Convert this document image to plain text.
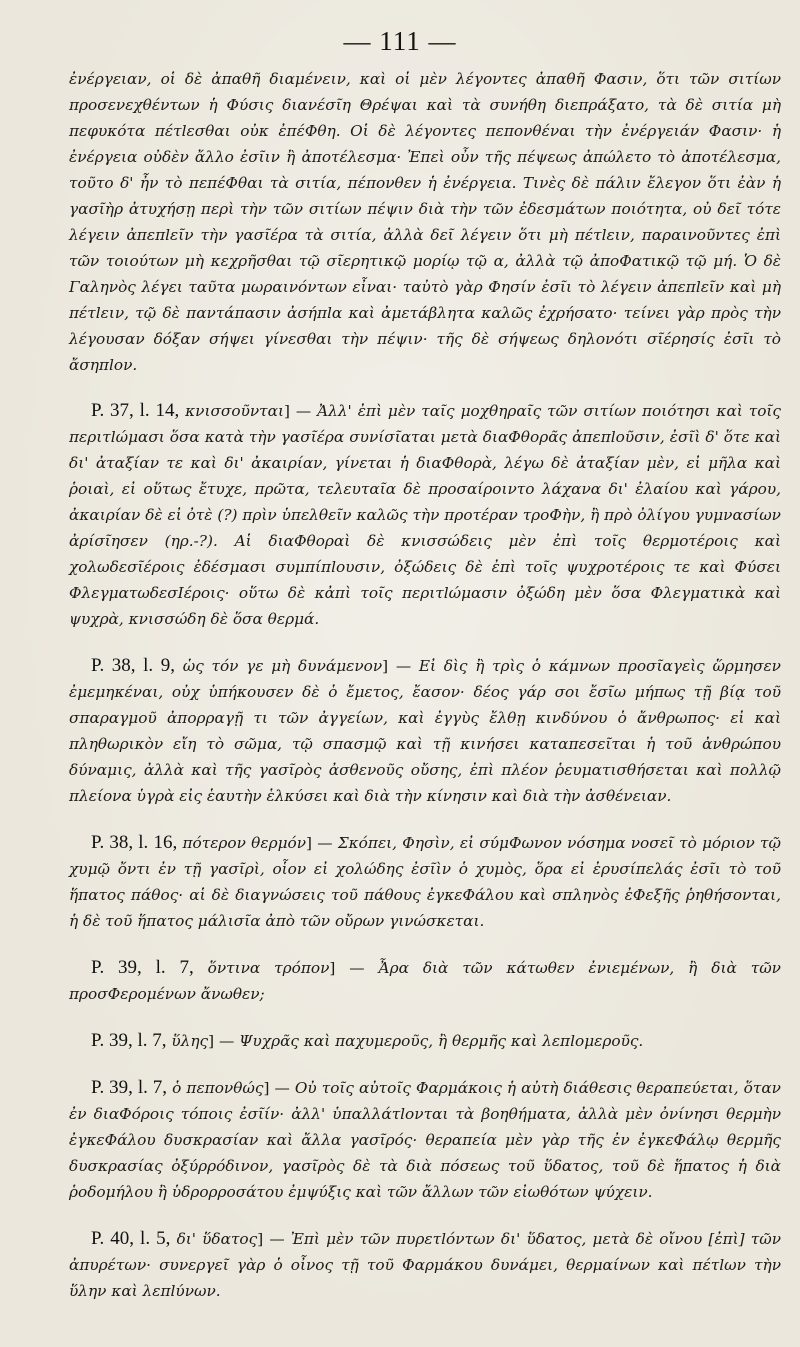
— 111 —

ἐνέργειαν, οἱ δὲ ἀπαθῆ διαμένειν, καὶ οἱ μὲν λέγοντες ἀπαθῆ Φασιν, ὅτι τῶν σιτίων προσενεχθέντων ἡ Φύσις διανέσῖη Θρέψαι καὶ τὰ συνήθη διεπράξατο, τὰ δὲ σιτία μὴ πεφυκότα πέτlεσθαι οὐκ ἐπέΦθη. Οἱ δὲ λέγοντες πεπονθέναι τὴν ἐνέργειάν Φασιν· ἡ ἐνέργεια οὐδὲν ἄλλο ἐσῖιν ἢ ἀποτέλεσμα· Ἐπεὶ οὖν τῆς πέψεως ἀπώλετο τὸ ἀποτέλεσμα, τοῦτο δ' ἦν τὸ πεπέΦθαι τὰ σιτία, πέπονθεν ἡ ἐνέργεια. Τινὲς δὲ πάλιν ἔλεγον ὅτι ἐὰν ἡ γασῖὴρ ἀτυχήσῃ περὶ τὴν τῶν σιτίων πέψιν διὰ τὴν τῶν ἐδεσμάτων ποιότητα, οὐ δεῖ τότε λέγειν ἀπεπlεῖν τὴν γασῖέρα τὰ σιτία, ἀλλὰ δεῖ λέγειν ὅτι μὴ πέτlειν, παραινοῦντες ἐπὶ τῶν τοιούτων μὴ κεχρῆσθαι τῷ σῖερητικῷ μορίῳ τῷ α, ἀλλὰ τῷ ἀποΦατικῷ τῷ μή. Ὁ δὲ Γαληνὸς λέγει ταῦτα μωραινόντων εἶναι· ταὐτὸ γὰρ Φησίν ἐσῖι τὸ λέγειν ἀπεπlεῖν καὶ μὴ πέτlειν, τῷ δὲ παντάπασιν ἀσήπlα καὶ ἀμετάβλητα καλῶς ἐχρήσατο· τείνει γὰρ πρὸς τὴν λέγουσαν δόξαν σήψει γίνεσθαι τὴν πέψιν· τῆς δὲ σήψεως δηλονότι σῖέρησίς ἐσῖι τὸ ἄσηπlον.

P. 37, l. 14, κνισσοῦνται] — Ἀλλ' ἐπὶ μὲν ταῖς μοχθηραῖς τῶν σιτίων ποιότησι καὶ τοῖς περιτlώμασι ὅσα κατὰ τὴν γασῖέρα συνίσῖαται μετὰ διαΦθορᾶς ἀπεπlοῦσιν, ἐσῖὶ δ' ὅτε καὶ δι' ἀταξίαν τε καὶ δι' ἀκαιρίαν, γίνεται ἡ διαΦθορὰ, λέγω δὲ ἀταξίαν μὲν, εἰ μῆλα καὶ ῥοιαὶ, εἰ οὕτως ἔτυχε, πρῶτα, τελευταῖα δὲ προσαίροιντο λάχανα δι' ἐλαίου καὶ γάρου, ἀκαιρίαν δὲ εἰ ὀτὲ (?) πρὶν ὑπελθεῖν καλῶς τὴν προτέραν τροΦὴν, ἢ πρὸ ὀλίγου γυμνασίων ἀρίσῖησεν (ηρ.-?). Αἱ διαΦθοραὶ δὲ κνισσώδεις μὲν ἐπὶ τοῖς θερμοτέροις καὶ χολωδεσῖέροις ἐδέσμασι συμπίπlουσιν, ὀξώδεις δὲ ἐπὶ τοῖς ψυχροτέροις τε καὶ Φύσει ΦλεγματωδεσIέροις· οὕτω δὲ κἀπὶ τοῖς περιτlώμασιν ὀξώδη μὲν ὅσα Φλεγματικὰ καὶ ψυχρὰ, κνισσώδη δὲ ὅσα θερμά.

P. 38, l. 9, ὡς τόν γε μὴ δυνάμενον] — Εἰ δὶς ἢ τρὶς ὁ κάμνων προσῖαγεὶς ὥρμησεν ἐμεμηκέναι, οὐχ ὑπήκουσεν δὲ ὁ ἔμετος, ἔασον· δέος γάρ σοι ἔσῖω μήπως τῇ βίᾳ τοῦ σπαραγμοῦ ἀπορραγῇ τι τῶν ἀγγείων, καὶ ἐγγὺς ἔλθῃ κινδύνου ὁ ἄνθρωπος· εἰ καὶ πληθωρικὸν εἴη τὸ σῶμα, τῷ σπασμῷ καὶ τῇ κινήσει καταπεσεῖται ἡ τοῦ ἀνθρώπου δύναμις, ἀλλὰ καὶ τῆς γασῖρὸς ἀσθενοῦς οὔσης, ἐπὶ πλέον ῥευματισθήσεται καὶ πολλῷ πλείονα ὑγρὰ εἰς ἑαυτὴν ἑλκύσει καὶ διὰ τὴν κίνησιν καὶ διὰ τὴν ἀσθένειαν.

P. 38, l. 16, πότερον θερμόν] — Σκόπει, Φησὶν, εἰ σύμΦωνον νόσημα νοσεῖ τὸ μόριον τῷ χυμῷ ὄντι ἐν τῇ γασῖρὶ, οἷον εἰ χολώδης ἐσῖὶν ὁ χυμὸς, ὅρα εἰ ἐρυσίπελάς ἐσῖι τὸ τοῦ ἥπατος πάθος· αἱ δὲ διαγνώσεις τοῦ πάθους ἐγκεΦάλου καὶ σπληνὸς ἐΦεξῆς ῥηθήσονται, ἡ δὲ τοῦ ἥπατος μάλισῖα ἀπὸ τῶν οὔρων γινώσκεται.

P. 39, l. 7, ὅντινα τρόπον] — Ἆρα διὰ τῶν κάτωθεν ἐνιεμένων, ἢ διὰ τῶν προσΦερομένων ἄνωθεν;

P. 39, l. 7, ὕλης] — Ψυχρᾶς καὶ παχυμεροῦς, ἢ θερμῆς καὶ λεπlομεροῦς.

P. 39, l. 7, ὁ πεπονθώς] — Οὐ τοῖς αὐτοῖς Φαρμάκοις ἡ αὐτὴ διάθεσις θεραπεύεται, ὅταν ἐν διαΦόροις τόποις ἐσῖίν· ἀλλ' ὑπαλλάτlονται τὰ βοηθήματα, ἀλλὰ μὲν ὀνίνησι θερμὴν ἐγκεΦάλου δυσκρασίαν καὶ ἄλλα γασῖρός· θεραπεία μὲν γὰρ τῆς ἐν ἐγκεΦάλῳ θερμῆς δυσκρασίας ὀξύρρόδινον, γασῖρὸς δὲ τὰ διὰ πόσεως τοῦ ὕδατος, τοῦ δὲ ἥπατος ἡ διὰ ῥοδομήλου ἢ ὑδρορροσάτου ἐμψύξις καὶ τῶν ἄλλων τῶν εἰωθότων ψύχειν.

P. 40, l. 5, δι' ὕδατος] — Ἐπὶ μὲν τῶν πυρετlόντων δι' ὕδατος, μετὰ δὲ οἴνου [ἐπὶ] τῶν ἀπυρέτων· συνεργεῖ γὰρ ὁ οἶνος τῇ τοῦ Φαρμάκου δυνάμει, θερμαίνων καὶ πέτlων τὴν ὕλην καὶ λεπlύνων.
